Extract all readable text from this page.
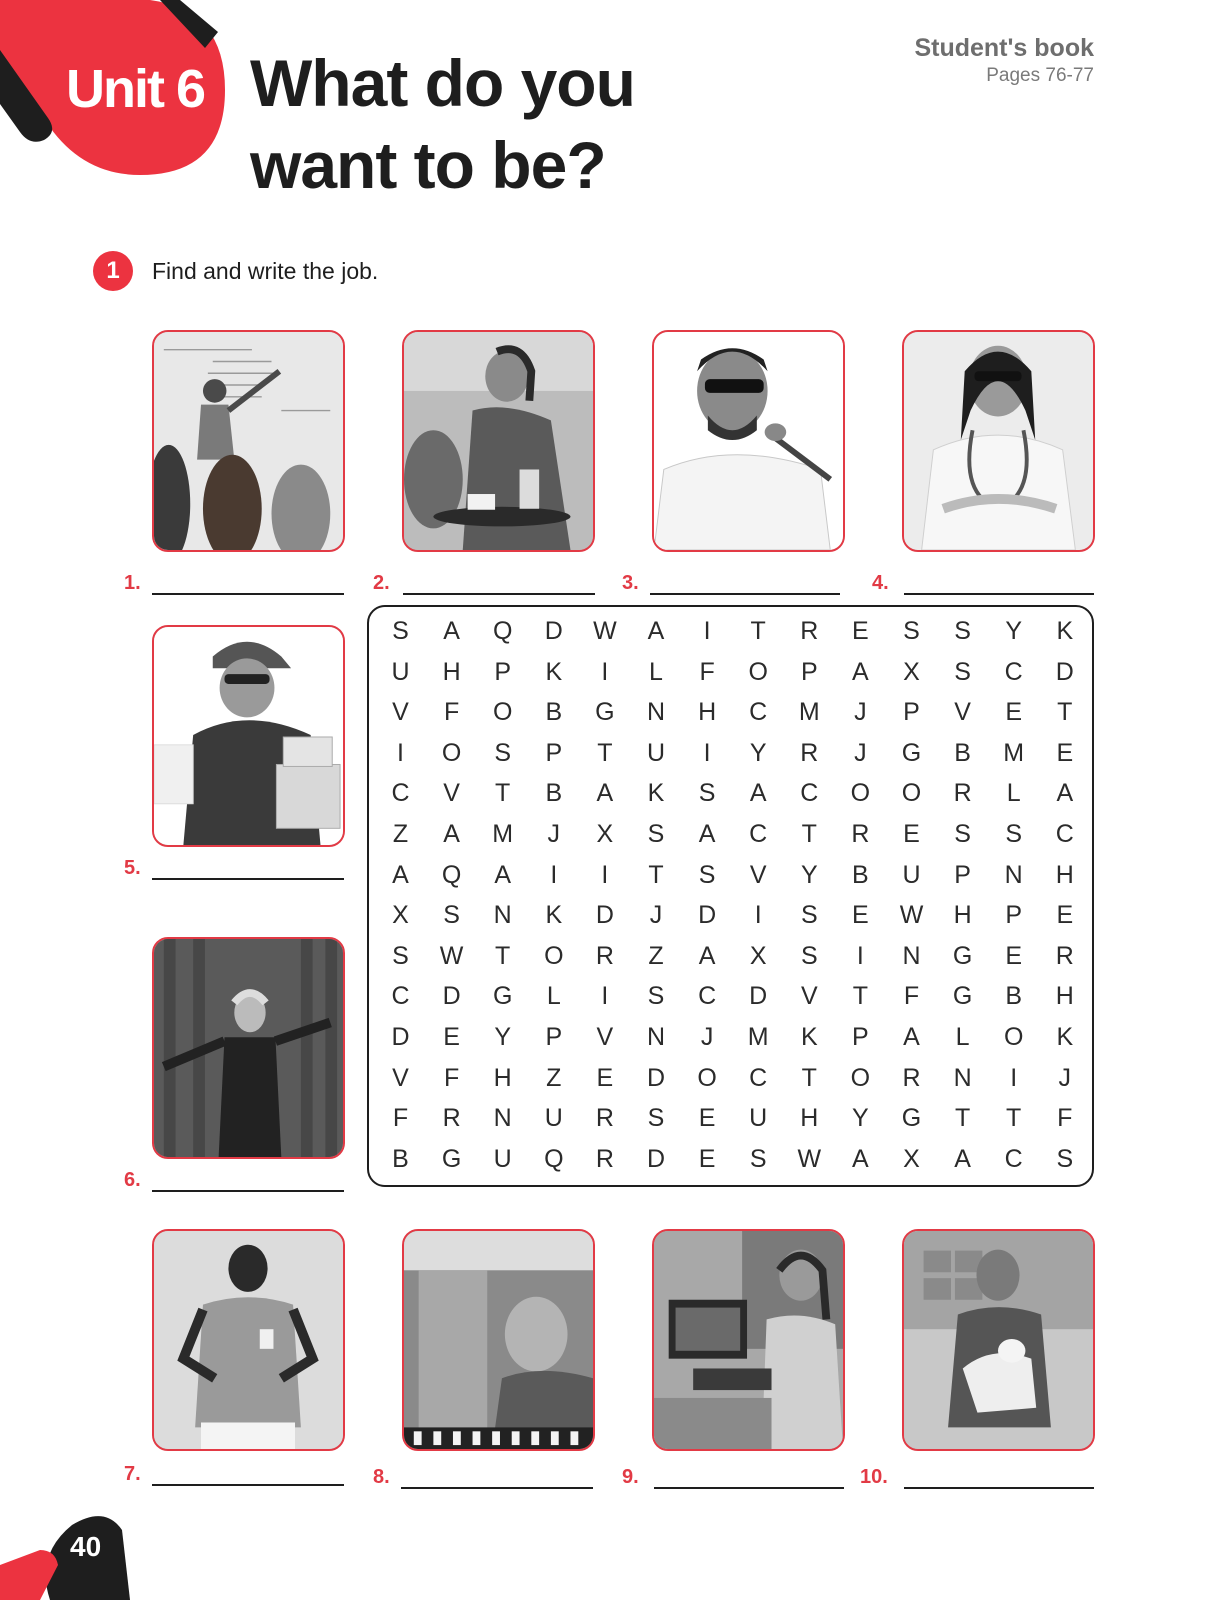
Unit 6 What do you
want to be?
Student's book
Pages 76-77
1	Find and write the job.
1.	2.	3.	4.
5.
6.
7.	8.	9.	10.
S	A	Q	D	W	A	I	T	R	E	S	S	Y	K
U	H	P	K	I	L	F	O	P	A	X	S	C	D
V	F	O	B	G	N	H	C	M	J	P	V	E	T
I	O	S	P	T	U	I	Y	R	J	G	B	M	E
C	V	T	B	A	K	S	A	C	O	O	R	L	A
Z	A	M	J	X	S	A	C	T	R	E	S	S	C
A	Q	A	I	I	T	S	V	Y	B	U	P	N	H
X	S	N	K	D	J	D	I	S	E	W	H	P	E
S	W	T	O	R	Z	A	X	S	I	N	G	E	R
C	D	G	L	I	S	C	D	V	T	F	G	B	H
D	E	Y	P	V	N	J	M	K	P	A	L	O	K
V	F	H	Z	E	D	O	C	T	O	R	N	I	J
F	R	N	U	R	S	E	U	H	Y	G	T	T	F
B	G	U	Q	R	D	E	S	W	A	X	A	C	S
40
